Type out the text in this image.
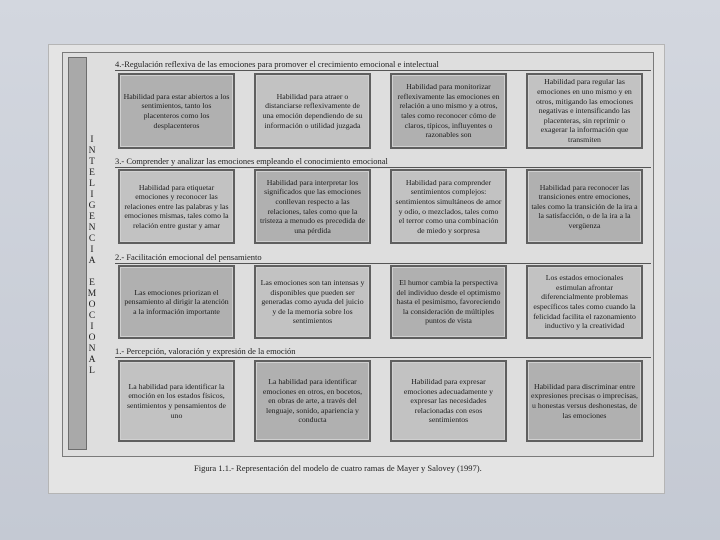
I
N
T
E
L
I
G
E
N
C
I
A

E
M
O
C
I
O
N
A
L
4.-Regulación reflexiva de las emociones para promover el crecimiento emocional e intelectual
Habilidad para estar abiertos a los sentimientos, tanto los placenteros como los desplacenteros
Habilidad para atraer o distanciarse reflexivamente de una emoción dependiendo de su información o utilidad juzgada
Habilidad para monitorizar reflexivamente las emociones en relación a uno mismo y a otros, tales como reconocer cómo de claros, típicos, influyentes o razonables son
Habilidad para regular las emociones en uno mismo y en otros, mitigando las emociones negativas e intensificando las placenteras, sin reprimir o exagerar la información que transmiten
3.- Comprender y analizar las emociones empleando el conocimiento emocional
Habilidad para etiquetar emociones y reconocer las relaciones entre las palabras y las emociones mismas, tales como la relación entre gustar y amar
Habilidad para interpretar los significados que las emociones conllevan respecto a las relaciones, tales como que la tristeza a menudo es precedida de una pérdida
Habilidad para comprender sentimientos complejos: sentimientos simultáneos de amor y odio, o mezclados, tales como el terror como una combinación de miedo y sorpresa
Habilidad para reconocer las transiciones entre emociones, tales como la transición de la ira a la satisfacción, o de la ira a la vergüenza
2.- Facilitación emocional del pensamiento
Las emociones priorizan el pensamiento al dirigir la atención a la información importante
Las emociones son tan intensas y disponibles que pueden ser generadas como ayuda del juicio y de la memoria sobre los sentimientos
El humor cambia la perspectiva del individuo desde el optimismo hasta el pesimismo, favoreciendo la consideración de múltiples puntos de vista
Los estados emocionales estimulan afrontar diferencialmente problemas específicos tales como cuando la felicidad facilita el razonamiento inductivo y la creatividad
1.- Percepción, valoración y expresión de la emoción
La habilidad para identificar la emoción en los estados físicos, sentimientos y pensamientos de uno
La habilidad para identificar emociones en otros, en bocetos, en obras de arte, a través del lenguaje, sonido, apariencia y conducta
Habilidad para expresar emociones adecuadamente y expresar las necesidades relacionadas con esos sentimientos
Habilidad para discriminar entre expresiones precisas o imprecisas, u honestas versus deshonestas, de las emociones
Figura 1.1.- Representación del modelo de cuatro ramas de Mayer y Salovey (1997).
